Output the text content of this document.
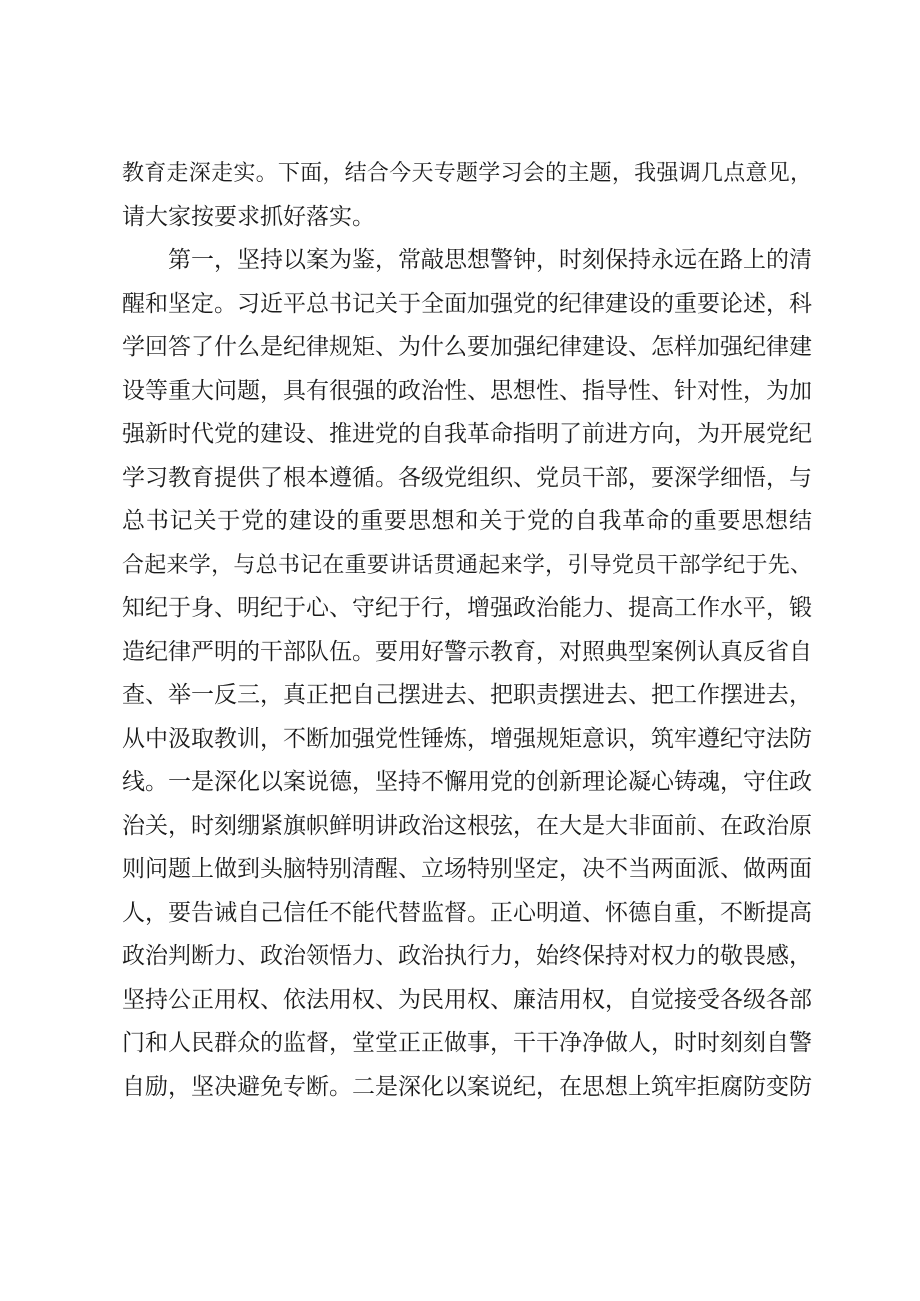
教育走深走实。下面，结合今天专题学习会的主题，我强调几点意见，
请大家按要求抓好落实。
第一，坚持以案为鉴，常敲思想警钟，时刻保持永远在路上的清
醒和坚定。习近平总书记关于全面加强党的纪律建设的重要论述，科
学回答了什么是纪律规矩、为什么要加强纪律建设、怎样加强纪律建
设等重大问题，具有很强的政治性、思想性、指导性、针对性，为加
强新时代党的建设、推进党的自我革命指明了前进方向，为开展党纪
学习教育提供了根本遵循。各级党组织、党员干部，要深学细悟，与
总书记关于党的建设的重要思想和关于党的自我革命的重要思想结
合起来学，与总书记在重要讲话贯通起来学，引导党员干部学纪于先、
知纪于身、明纪于心、守纪于行，增强政治能力、提高工作水平，锻
造纪律严明的干部队伍。要用好警示教育，对照典型案例认真反省自
查、举一反三，真正把自己摆进去、把职责摆进去、把工作摆进去，
从中汲取教训，不断加强党性锤炼，增强规矩意识，筑牢遵纪守法防
线。一是深化以案说德，坚持不懈用党的创新理论凝心铸魂，守住政
治关，时刻绷紧旗帜鲜明讲政治这根弦，在大是大非面前、在政治原
则问题上做到头脑特别清醒、立场特别坚定，决不当两面派、做两面
人，要告诫自己信任不能代替监督。正心明道、怀德自重，不断提高
政治判断力、政治领悟力、政治执行力，始终保持对权力的敬畏感，
坚持公正用权、依法用权、为民用权、廉洁用权，自觉接受各级各部
门和人民群众的监督，堂堂正正做事，干干净净做人，时时刻刻自警
自励，坚决避免专断。二是深化以案说纪，在思想上筑牢拒腐防变防
